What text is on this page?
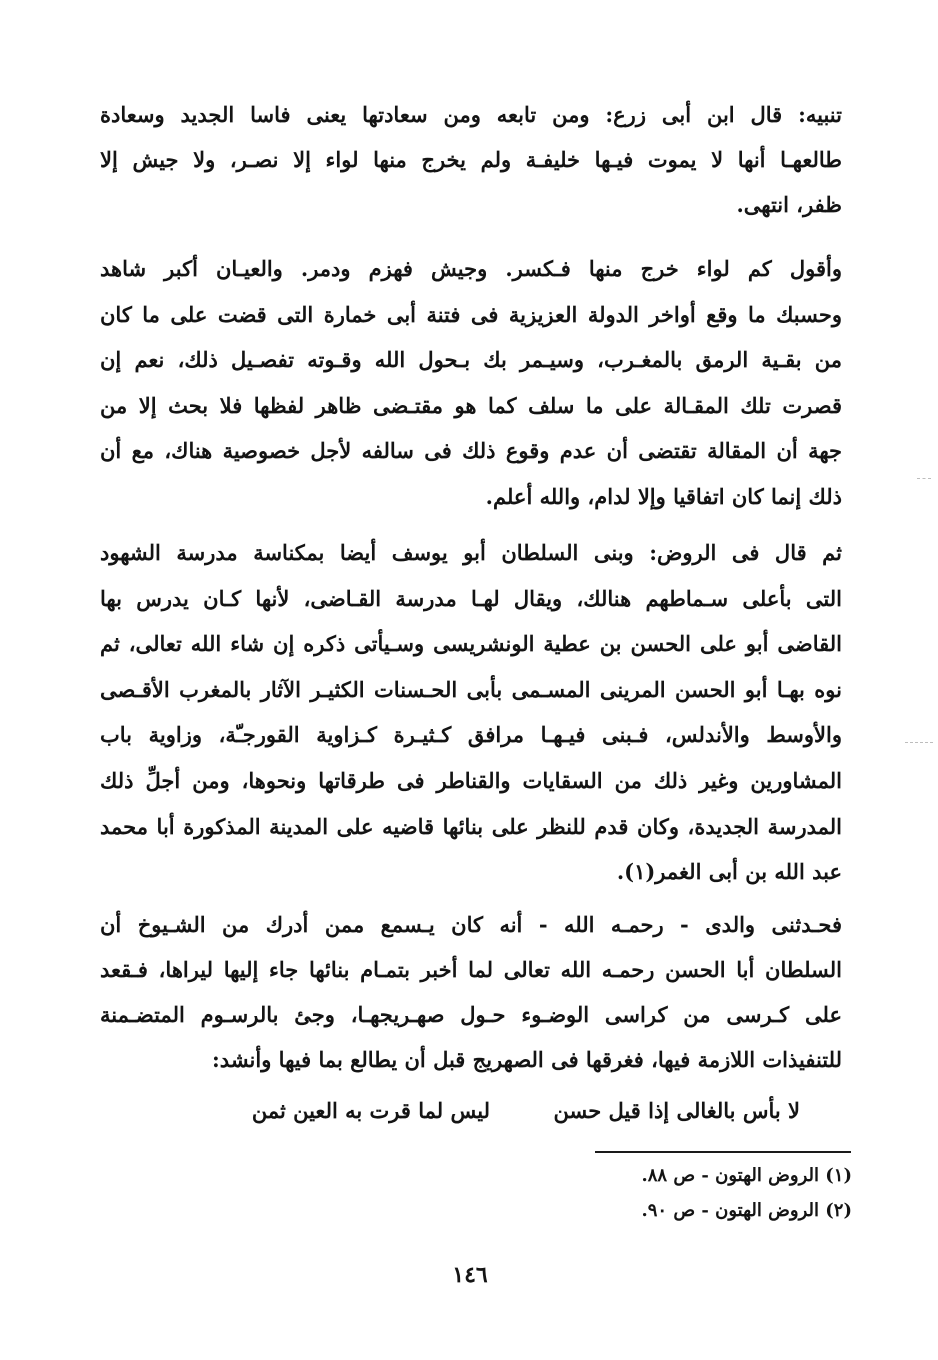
تنبيه: قال ابن أبى زرع: ومن تابعه ومن سعادتها يعنى فاسا الجديد وسعادة
طالعهـا أنها لا يموت فيـها خليفـة ولم يخرج منها لواء إلا نصـر، ولا جيش إلا
ظفر، انتهى.
وأقول كم لواء خرج منها فـكسر. وجيش فهزم ودمر. والعيـان أكبر شاهد
وحسبك ما وقع أواخر الدولة العزيزية فى فتنة أبى خمارة التى قضت على ما كان
من بقـية الرمق بالمغـرب، وسيـمر بك بـحول الله وقـوته تفصـيل ذلك، نعم إن
قصرت تلك المقـالة على ما سلف كما هو مقتـضى ظاهر لفظها فلا بحث إلا من
جهة أن المقالة تقتضى أن عدم وقوع ذلك فى سالفه لأجل خصوصية هناك، مع أن
ذلك إنما كان اتفاقيا وإلا لدام، والله أعلم.
ثم قال فى الروض: وبنى السلطان أبو يوسف أيضا بمكناسة مدرسة الشهود
التى بأعلى سـماطهم هنالك، ويقال لهـا مدرسة القـاضى، لأنها كـان يدرس بها
القاضى أبو على الحسن بن عطية الونشريسى وسـيأتى ذكره إن شاء الله تعالى، ثم
نوه بهـا أبو الحسن المرينى المسـمى بأبى الحـسنات الكثيـر الآثار بالمغرب الأقـصى
والأوسط والأندلس، فـبنى فيـهـا مرافق كـثيـرة كـزاوية القورجـّة، وزاوية باب
المشاورين وغير ذلك من السقايات والقناطر فى طرقاتها ونحوها، ومن أجلِّ ذلك
المدرسة الجديدة، وكان قدم للنظر على بنائها قاضيه على المدينة المذكورة أبا محمد
عبد الله بن أبى الغمر(١).
فحـدثنى والدى - رحمـه الله - أنه كان يـسمع ممن أدرك من الشـيوخ أن
السلطان أبا الحسن رحمـه الله تعالى لما أخبر بتمـام بنائها جاء إليها ليراها، فـقعد
على كـرسى من كراسى الوضـوء حـول صهـريجهـا، وجئ بالرسـوم المتضـمنة
للتنفيذات اللازمة فيها، فغرقها فى الصهريج قبل أن يطالع بما فيها وأنشد:
لا بأس بالغالى إذا قيل حسن
ليس لما قرت به العين ثمن
(١) الروض الهتون - ص ٨٨.
(٢) الروض الهتون - ص ٩٠.
١٤٦
